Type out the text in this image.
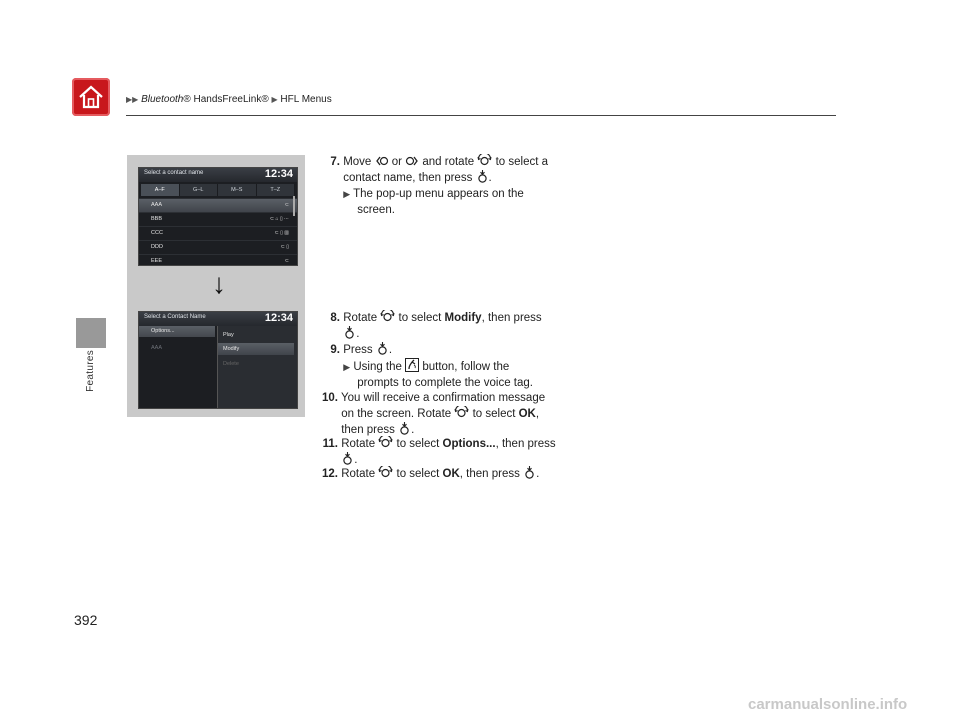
▶▶ Bluetooth® HandsFreeLink® ▶ HFL Menus
Features
Select a contact name	12:34
A–F	G–L	M–S	T–Z
AAA	⊂
BBB	⊂ ⌂ ▯ ⋯
CCC	⊂ ▯ ▥
DDD	⊂ ▯
EEE	⊂
↓
Select a Contact Name	12:34
Options...
AAA
Play
Modify
Delete
7. Move or and rotate to select a
contact name, then press .
▶ The pop-up menu appears on the
screen.
8. Rotate to select Modify, then press
.
9. Press .
▶ Using the button, follow the
prompts to complete the voice tag.
10. You will receive a confirmation message
on the screen. Rotate to select OK,
then press .
11. Rotate to select Options..., then press
.
12. Rotate to select OK, then press .
392
carmanualsonline.info
